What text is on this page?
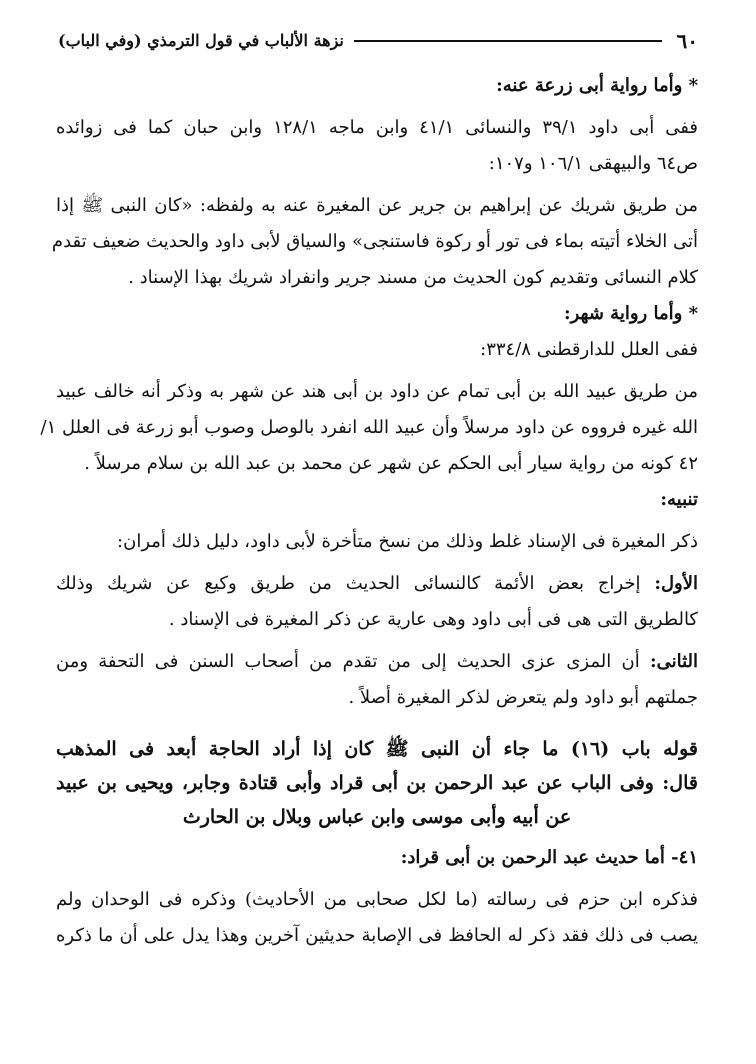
٦٠
نزهة الألباب في قول الترمذي (وفي الباب)
* وأما رواية أبى زرعة عنه:
ففى أبى داود ٣٩/١ والنسائى ٤١/١ وابن ماجه ١٢٨/١ وابن حبان كما فى زوائده
ص٦٤ والبيهقى ١٠٦/١ و١٠٧:
من طريق شريك عن إبراهيم بن جرير عن المغيرة عنه به ولفظه: «كان النبى ﷺ إذا
أتى الخلاء أتيته بماء فى تور أو ركوة فاستنجى» والسياق لأبى داود والحديث ضعيف تقدم
كلام النسائى وتقديم كون الحديث من مسند جرير وانفراد شريك بهذا الإسناد .
* وأما رواية شهر:
ففى العلل للدارقطنى ٣٣٤/٨:
من طريق عبيد الله بن أبى تمام عن داود بن أبى هند عن شهر به وذكر أنه خالف عبيد
الله غيره فرووه عن داود مرسلاً وأن عبيد الله انفرد بالوصل وصوب أبو زرعة فى العلل ١/
٤٢ كونه من رواية سيار أبى الحكم عن شهر عن محمد بن عبد الله بن سلام مرسلاً .
تنبيه:
ذكر المغيرة فى الإسناد غلط وذلك من نسخ متأخرة لأبى داود، دليل ذلك أمران:
الأول: إخراج بعض الأئمة كالنسائى الحديث من طريق وكيع عن شريك وذلك
كالطريق التى هى فى أبى داود وهى عارية عن ذكر المغيرة فى الإسناد .
الثانى: أن المزى عزى الحديث إلى من تقدم من أصحاب السنن فى التحفة ومن
جملتهم أبو داود ولم يتعرض لذكر المغيرة أصلاً .
قوله باب (١٦) ما جاء أن النبى ﷺ كان إذا أراد الحاجة أبعد فى المذهب
قال: وفى الباب عن عبد الرحمن بن أبى قراد وأبى قتادة وجابر، ويحيى بن عبيد
عن أبيه وأبى موسى وابن عباس وبلال بن الحارث
٤١- أما حديث عبد الرحمن بن أبى قراد:
فذكره ابن حزم فى رسالته (ما لكل صحابى من الأحاديث) وذكره فى الوحدان ولم
يصب فى ذلك فقد ذكر له الحافظ فى الإصابة حديثين آخرين وهذا يدل على أن ما ذكره
